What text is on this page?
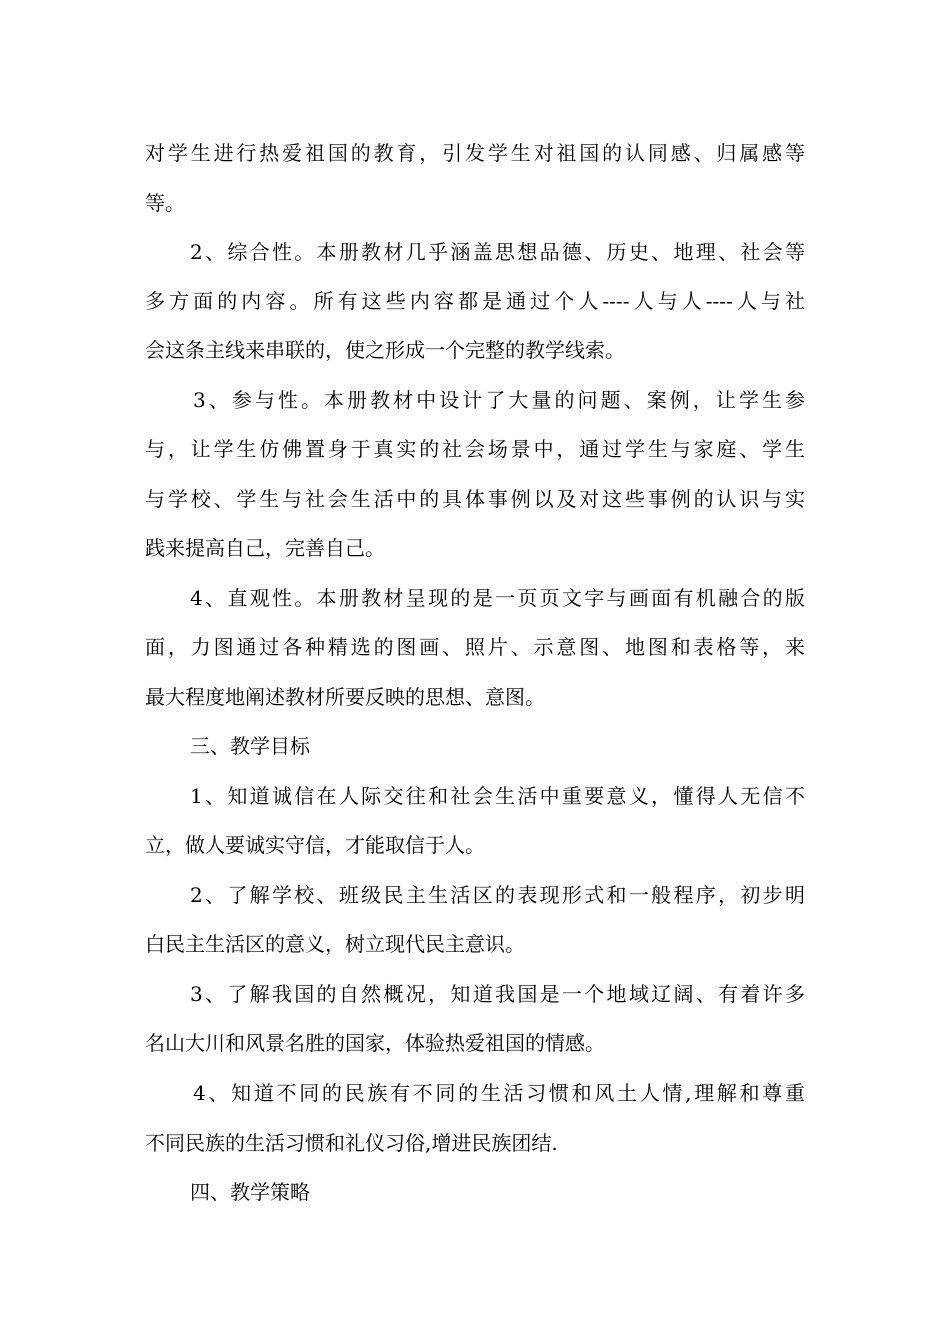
对学生进行热爱祖国的教育，引发学生对祖国的认同感、归属感等
等。
2、综合性。本册教材几乎涵盖思想品德、历史、地理、社会等
多方面的内容。所有这些内容都是通过个人----人与人----人与社
会这条主线来串联的，使之形成一个完整的教学线索。
3、参与性。本册教材中设计了大量的问题、案例，让学生参
与，让学生仿佛置身于真实的社会场景中，通过学生与家庭、学生
与学校、学生与社会生活中的具体事例以及对这些事例的认识与实
践来提高自己，完善自己。
4、直观性。本册教材呈现的是一页页文字与画面有机融合的版
面，力图通过各种精选的图画、照片、示意图、地图和表格等，来
最大程度地阐述教材所要反映的思想、意图。
三、教学目标
1、知道诚信在人际交往和社会生活中重要意义，懂得人无信不
立，做人要诚实守信，才能取信于人。
2、了解学校、班级民主生活区的表现形式和一般程序，初步明
白民主生活区的意义，树立现代民主意识。
3、了解我国的自然概况，知道我国是一个地域辽阔、有着许多
名山大川和风景名胜的国家，体验热爱祖国的情感。
4、知道不同的民族有不同的生活习惯和风土人情,理解和尊重
不同民族的生活习惯和礼仪习俗,增进民族团结.
四、教学策略
